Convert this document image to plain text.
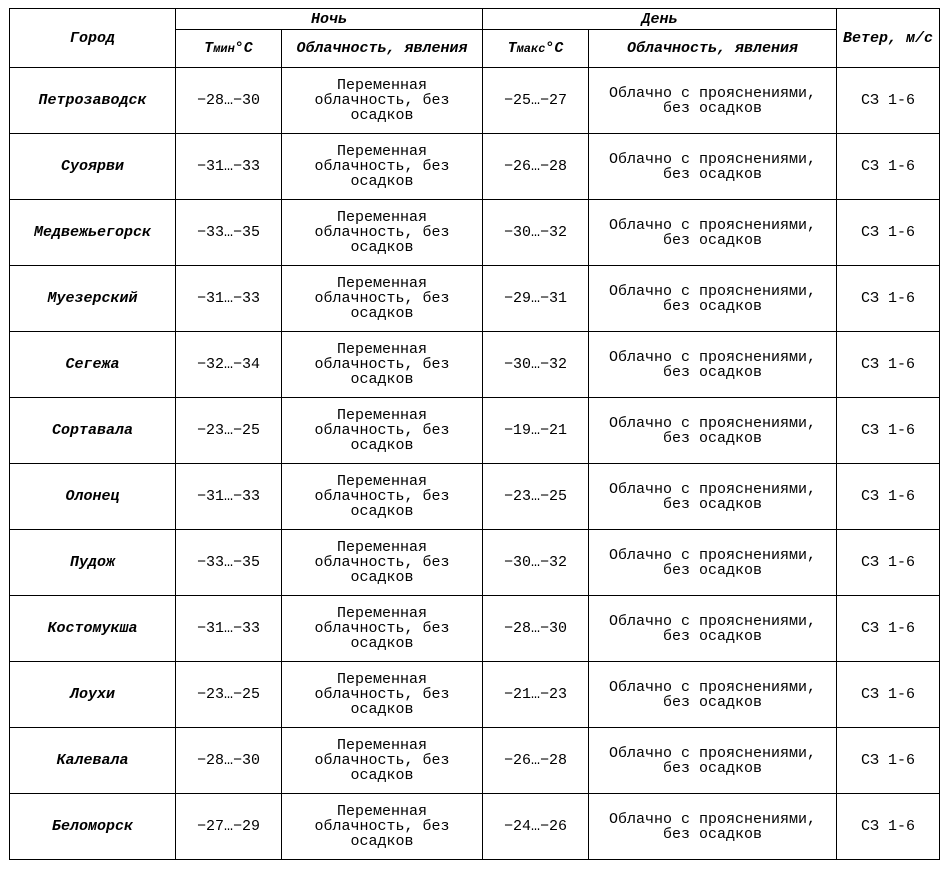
Город	Ночь		День		Ветер, м/с
	Tмин°С	Облачность, явления	Tмакс°С	Облачность, явления	
Петрозаводск	−28…−30	Переменная облачность, без осадков	−25…−27	Облачно с прояснениями, без осадков	СЗ 1-6
Суоярви	−31…−33	Переменная облачность, без осадков	−26…−28	Облачно с прояснениями, без осадков	СЗ 1-6
Медвежьегорск	−33…−35	Переменная облачность, без осадков	−30…−32	Облачно с прояснениями, без осадков	СЗ 1-6
Муезерский	−31…−33	Переменная облачность, без осадков	−29…−31	Облачно с прояснениями, без осадков	СЗ 1-6
Сегежа	−32…−34	Переменная облачность, без осадков	−30…−32	Облачно с прояснениями, без осадков	СЗ 1-6
Сортавала	−23…−25	Переменная облачность, без осадков	−19…−21	Облачно с прояснениями, без осадков	СЗ 1-6
Олонец	−31…−33	Переменная облачность, без осадков	−23…−25	Облачно с прояснениями, без осадков	СЗ 1-6
Пудож	−33…−35	Переменная облачность, без осадков	−30…−32	Облачно с прояснениями, без осадков	СЗ 1-6
Костомукша	−31…−33	Переменная облачность, без осадков	−28…−30	Облачно с прояснениями, без осадков	СЗ 1-6
Лоухи	−23…−25	Переменная облачность, без осадков	−21…−23	Облачно с прояснениями, без осадков	СЗ 1-6
Калевала	−28…−30	Переменная облачность, без осадков	−26…−28	Облачно с прояснениями, без осадков	СЗ 1-6
Беломорск	−27…−29	Переменная облачность, без осадков	−24…−26	Облачно с прояснениями, без осадков	СЗ 1-6
